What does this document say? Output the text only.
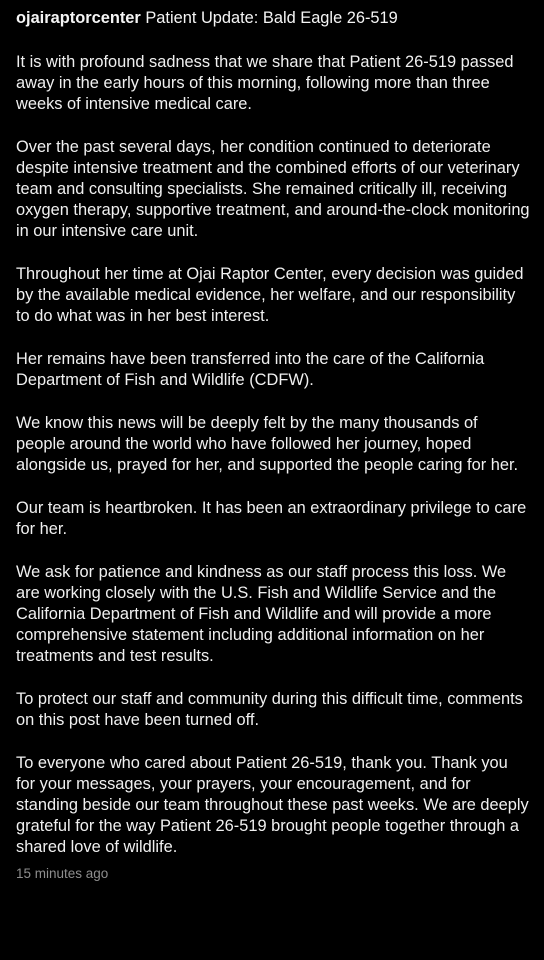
ojairaptorcenter Patient Update: Bald Eagle 26-519

It is with profound sadness that we share that Patient 26-519 passed away in the early hours of this morning, following more than three weeks of intensive medical care.

Over the past several days, her condition continued to deteriorate despite intensive treatment and the combined efforts of our veterinary team and consulting specialists. She remained critically ill, receiving oxygen therapy, supportive treatment, and around-the-clock monitoring in our intensive care unit.

Throughout her time at Ojai Raptor Center, every decision was guided by the available medical evidence, her welfare, and our responsibility to do what was in her best interest.

Her remains have been transferred into the care of the California Department of Fish and Wildlife (CDFW).

We know this news will be deeply felt by the many thousands of people around the world who have followed her journey, hoped alongside us, prayed for her, and supported the people caring for her.

Our team is heartbroken. It has been an extraordinary privilege to care for her.

We ask for patience and kindness as our staff process this loss. We are working closely with the U.S. Fish and Wildlife Service and the California Department of Fish and Wildlife and will provide a more comprehensive statement including additional information on her treatments and test results.

To protect our staff and community during this difficult time, comments on this post have been turned off.

To everyone who cared about Patient 26-519, thank you. Thank you for your messages, your prayers, your encouragement, and for standing beside our team throughout these past weeks. We are deeply grateful for the way Patient 26-519 brought people together through a shared love of wildlife.

15 minutes ago
